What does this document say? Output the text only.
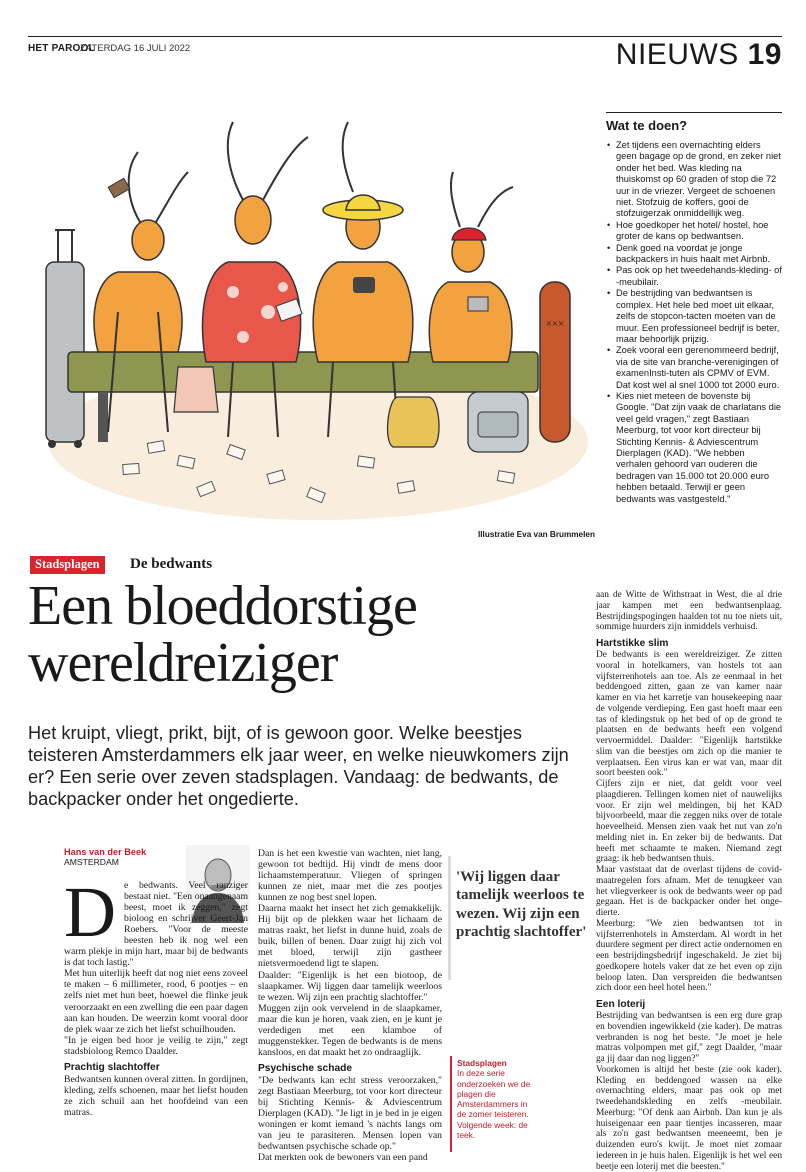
HET PAROOL
ZATERDAG 16 JULI 2022	NIEUWS 19
×××
Illustratie Eva van Brummelen
Wat te doen?
• Zet tijdens een overnachting elders geen bagage op de grond, en zeker niet onder het bed. Was kleding na thuiskomst op 60 graden of stop die 72 uur in de vriezer. Vergeet de schoenen niet. Stofzuig de koffers, gooi de stofzuigerzak onmiddellijk weg.
• Hoe goedkoper het hotel/ hostel, hoe groter de kans op bedwantsen.
• Denk goed na voordat je jonge backpackers in huis haalt met Airbnb.
• Pas ook op het tweedehands-kleding- of -meubilair.
• De bestrijding van bedwantsen is complex. Het hele bed moet uit elkaar, zelfs de stopcon-tacten moeten van de muur. Een professioneel bedrijf is beter, maar behoorlijk prijzig.
• Zoek vooral een gerenommeerd bedrijf, via de site van branche-verenigingen of examenInsti-tuten als CPMV of EVM. Dat kost wel al snel 1000 tot 2000 euro.
• Kies niet meteen de bovenste bij Google. "Dat zijn vaak de charlatans die veel geld vragen," zegt Bastiaan Meerburg, tot voor kort directeur bij Stichting Kennis- & Adviescentrum Dierplagen (KAD). "We hebben verhalen gehoord van ouderen die bedragen van 15.000 tot 20.000 euro hebben betaald. Terwijl er geen bedwants was vastgesteld."
Stadsplagen	De bedwants
Een bloeddorstige wereldreiziger
Het kruipt, vliegt, prikt, bijt, of is gewoon goor. Welke beestjes teisteren Amsterdammers elk jaar weer, en welke nieuwkomers zijn er? Een serie over zeven stadsplagen. Vandaag: de bedwants, de backpacker onder het ongedierte.
Hans van der Beek
AMSTERDAM

De bedwants. Veel ranziger bestaat niet. "Een onaangenaam beest, moet ik zeggen," zegt bioloog en schrijver Geert-Jan Roebers. "Voor de meeste beesten heb ik nog wel een warm plekje in mijn hart, maar bij de bedwants is dat toch lastig."

Met hun uiterlijk heeft dat nog niet eens zoveel te maken – 6 millimeter, rood, 6 pootjes – en zelfs niet met hun beet, hoewel die flinke jeuk veroorzaakt en een zwelling die een paar dagen aan kan houden. De weerzin komt vooral door de plek waar ze zich het liefst schuilhouden.

"In je eigen bed hoor je veilig te zijn," zegt stadsbioloog Remco Daalder.

Prachtig slachtoffer

Bedwantsen kunnen overal zitten. In gordijnen, kleding, zelfs schoenen, maar het liefst houden ze zich schuil aan het hoofdeind van een matras.

Dan is het een kwestie van wachten, niet lang, gewoon tot bedtijd. Hij vindt de mens door lichaamstemperatuur. Vliegen of springen kunnen ze niet, maar met die zes pootjes kunnen ze nog best snel lopen.

Daarna maakt het insect het zich gemakkelijk. Hij bijt op de plekken waar het lichaam de matras raakt, het liefst in dunne huid, zoals de buik, billen of benen. Daar zuigt hij zich vol met bloed, terwijl zijn gastheer nietsvermoedend ligt te slapen.

Daalder: "Eigenlijk is het een biotoop, de slaapkamer. Wij liggen daar tamelijk weerloos te wezen. Wij zijn een prachtig slachtoffer."

Muggen zijn ook vervelend in de slaapkamer, maar die kun je horen, vaak zien, en je kunt je verdedigen met een klamboe of muggenstekker. Tegen de bedwants is de mens kansloos, en dat maakt het zo ondraaglijk.

Psychische schade

"De bedwants kan echt stress veroorzaken," zegt Bastiaan Meerburg, tot voor kort directeur bij Stichting Kennis- & Adviescentrum Dierplagen (KAD). "Je ligt in je bed in je eigen woningen er komt iemand 's nachts langs om van jeu te parasiteren. Mensen lopen van bedwantsen psychische schade op."

Dat merkten ook de bewoners van een pand

'Wij liggen daar tamelijk weerloos te wezen. Wij zijn een prachtig slachtoffer'
Stadsplagen
In deze serie onderzoeken we de plagen die Amsterdammers in de zomer teisteren. Volgende week: de teek.

aan de Witte de Withstraat in West, die al drie jaar kampen met een bedwantsenplaag. Bestrijdingspogingen haalden tot nu toe niets uit, sommige huurders zijn inmiddels verhuisd.

Hartstikke slim

De bedwants is een wereldreiziger. Ze zitten vooral in hotelkamers, van hostels tot aan vijfsterrenhotels aan toe. Als ze eenmaal in het beddengoed zitten, gaan ze van kamer naar kamer en via het karretje van housekeeping naar de volgende verdieping. Een gast hoeft maar een tas of kledingstuk op het bed of op de grond te plaatsen en de bedwants heeft een volgend vervoermiddel. Daalder: "Eigenlijk hartstikke slim van die beestjes om zich op die manier te verplaatsen. Een virus kan er wat van, maar dit soort beesten ook."

Cijfers zijn er niet, dat geldt voor veel plaagdieren. Tellingen komen niet of nauwelijks voor. Er zijn wel meldingen, bij het KAD bijvoorbeeld, maar die zeggen niks over de totale hoeveelheid. Mensen zien vaak het nut van zo'n melding niet in. En zeker bij de bedwants. Dat heeft met schaamte te maken. Niemand zegt graag: ik heb bedwantsen thuis.

Maar vaststaat dat de overlast tijdens de covid-maatregelen fors afnam. Met de tenugkeer van het vliegverkeer is ook de bedwants weer op pad gegaan. Het is de backpacker onder het ongedierte.

Meerburg: "We zien bedwantsen tot in vijfsterrenhotels in Amsterdam. Al wordt in het duurdere segment per direct actie ondernomen en een bestrijdingsbedrijf ingeschakeld. Je ziet bij goedkopere hotels vaker dat ze het even op zijn beloop laten. Dan verspreiden die bedwantsen zich door een heel hotel heen."

Een loterij

Bestrijding van bedwantsen is een erg dure grap en bovendien ingewikkeld (zie kader). De matras verbranden is nog het beste. "Je moet je hele matras volpompen met gif," zegt Daalder, "maar ga jij daar dan nog liggen?"

Voorkomen is altijd het beste (zie ook kader). Kleding en beddengoed wassen na elke overnachting elders, maar pas ook op met tweedehandskleding en zelfs -meubilair. Meerburg: "Of denk aan Airbnb. Dan kun je als huiseigenaar een paar tientjes incasseren, maar als zo'n gast bedwantsen meeneemt, ben je duizenden euro's kwijt. Je moet niet zomaar iedereen in je huis halen. Eigenlijk is het wel een beetje een loterij met die beesten."
